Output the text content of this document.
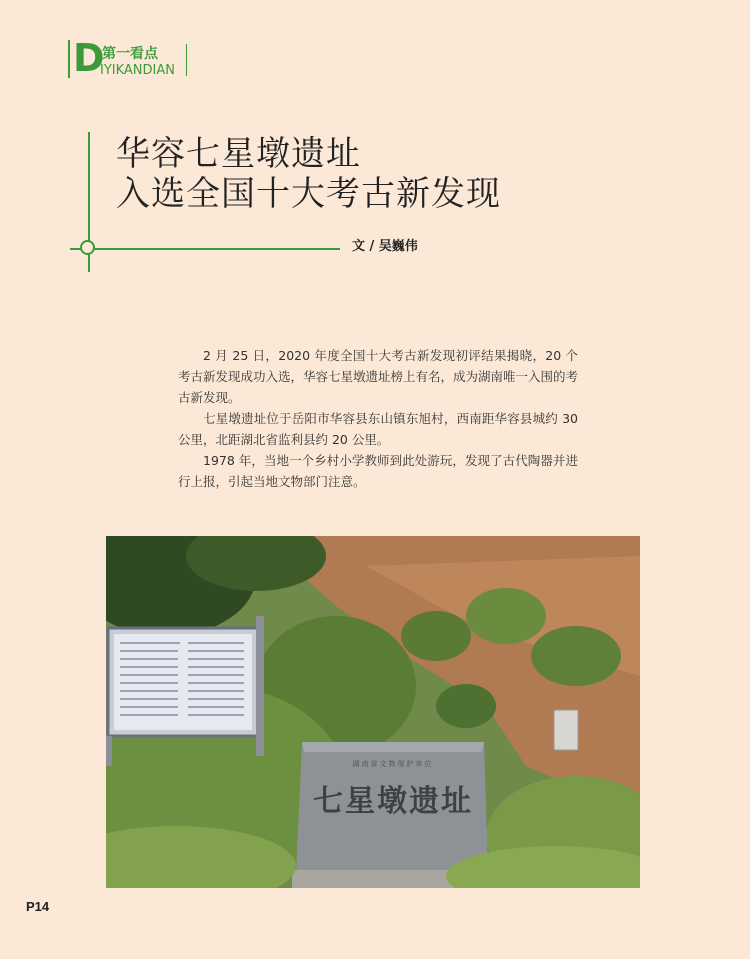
D
第一看点
IYIKANDIAN
华容七星墩遗址
入选全国十大考古新发现
文 / 吴巍伟

2 月 25 日，2020 年度全国十大考古新发现初评结果揭晓，20 个考古新发现成功入选，华容七星墩遗址榜上有名，成为湖南唯一入围的考古新发现。

七星墩遗址位于岳阳市华容县东山镇东旭村，西南距华容县城约 30 公里，北距湖北省监利县约 20 公里。

1978 年，当地一个乡村小学教师到此处游玩，发现了古代陶器并进行上报，引起当地文物部门注意。

湖南省文物保护单位
七星墩遗址
P14
